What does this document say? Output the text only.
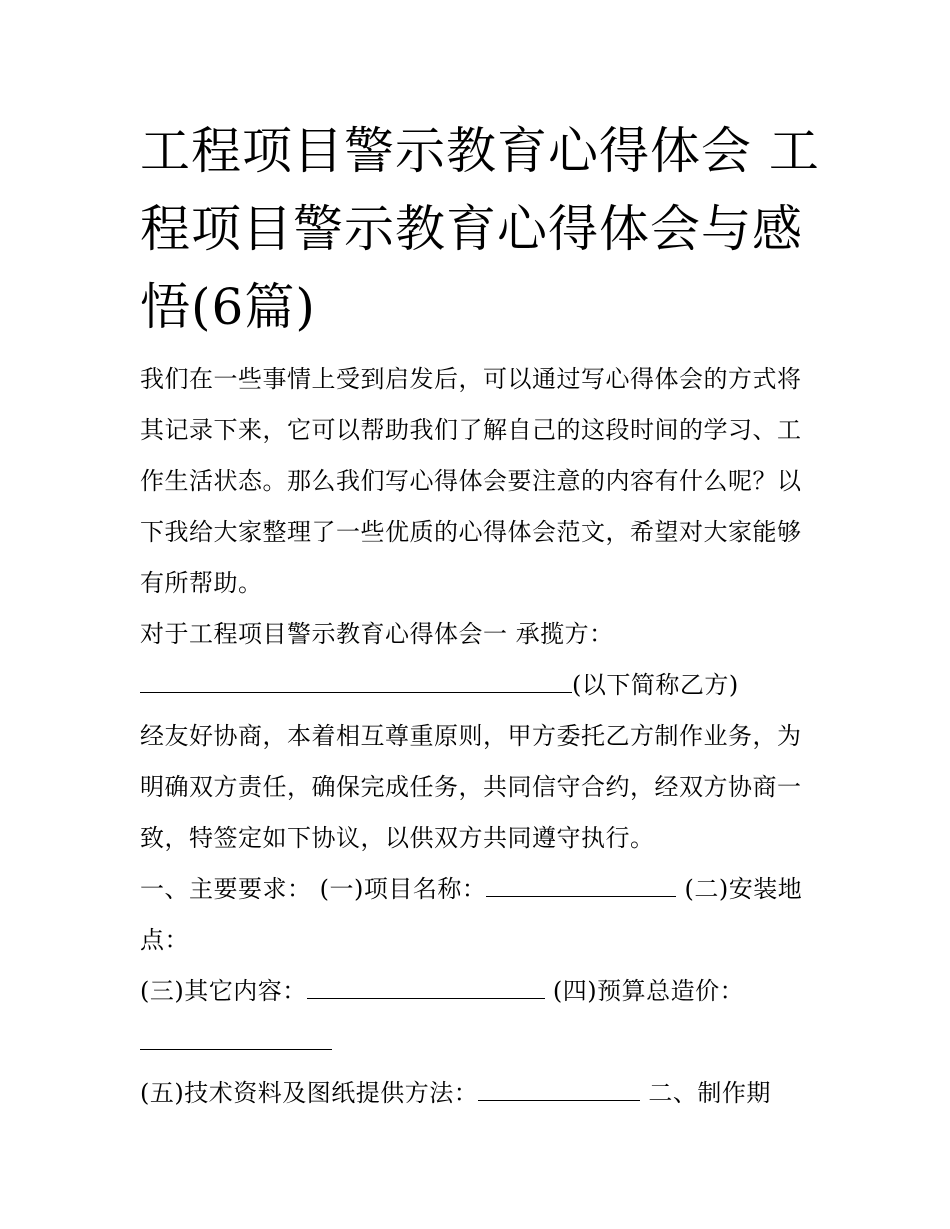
工程项目警示教育心得体会 工程项目警示教育心得体会与感悟(6篇)

我们在一些事情上受到启发后，可以通过写心得体会的方式将其记录下来，它可以帮助我们了解自己的这段时间的学习、工作生活状态。那么我们写心得体会要注意的内容有什么呢？以下我给大家整理了一些优质的心得体会范文，希望对大家能够有所帮助。

对于工程项目警示教育心得体会一 承揽方：

(以下简称乙方)

经友好协商，本着相互尊重原则，甲方委托乙方制作业务，为明确双方责任，确保完成任务，共同信守合约，经双方协商一致，特签定如下协议，以供双方共同遵守执行。

一、主要要求： (一)项目名称：	(二)安装地点：

(三)其它内容：	(四)预算总造价：

(五)技术资料及图纸提供方法：	二、制作期
